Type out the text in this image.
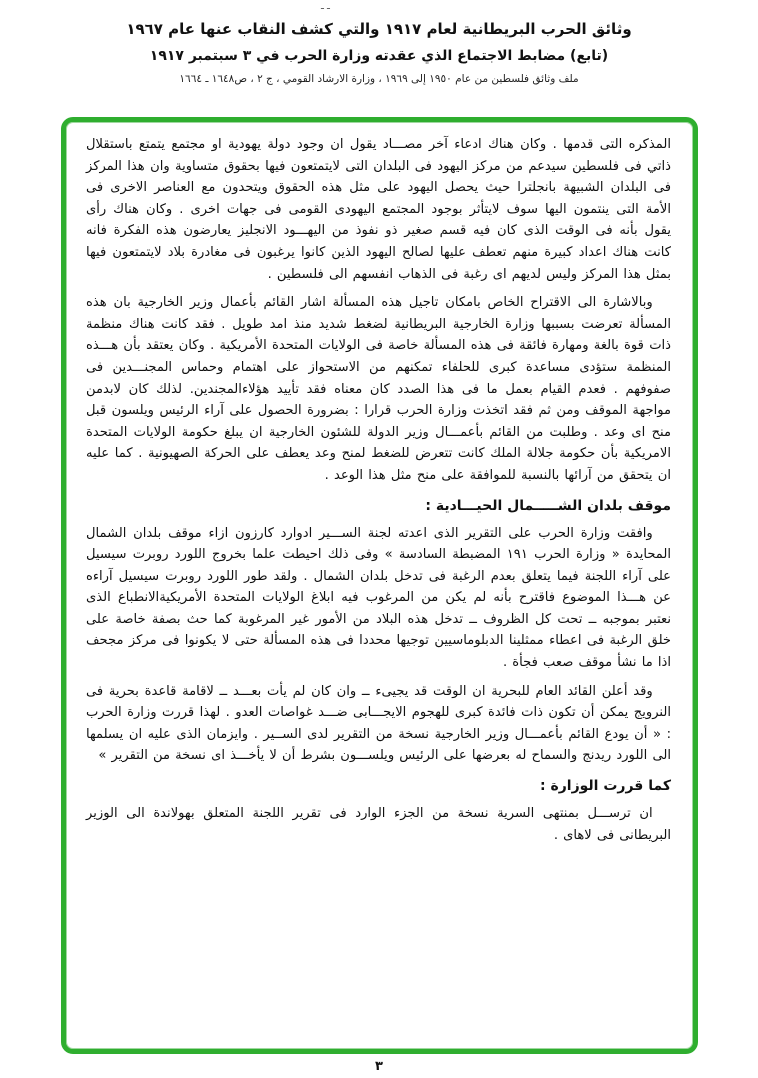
ـ ـ
وثائق الحرب البريطانية لعام ١٩١٧ والتي كشف النقاب عنها عام ١٩٦٧
(تابع) مضابط الاجتماع الذي عقدته وزارة الحرب في ٣ سبتمبر ١٩١٧
ملف وثائق فلسطين من عام ١٩٥٠ إلى ١٩٦٩ ، وزارة الارشاد القومي ، ج ٢ ، ص١٦٤٨ ـ ١٦٦٤

المذكره التى قدمها . وكان هناك ادعاء آخر مصـــاد يقول ان وجود دولة يهودية او مجتمع يتمتع باستقلال ذاتي فى فلسطين سيدعم من مركز اليهود فى البلدان التى لايتمتعون فيها بحقوق متساوية وان هذا المركز فى البلدان الشبيهة بانجلترا حيث يحصل اليهود على مثل هذه الحقوق ويتحدون مع العناصر الاخرى فى الأمة التى ينتمون اليها سوف لايتأثر بوجود المجتمع اليهودى القومى فى جهات اخرى . وكان هناك رأى يقول بأنه فى الوقت الذى كان فيه قسم صغير ذو نفوذ من اليهـــود الانجليز يعارضون هذه الفكرة فانه كانت هناك اعداد كبيرة منهم تعطف عليها لصالح اليهود الذين كانوا يرغبون فى مغادرة بلاد لايتمتعون فيها بمثل هذا المركز وليس لديهم اى رغبة فى الذهاب انفسهم الى فلسطين .

وبالاشارة الى الاقتراح الخاص بامكان تاجيل هذه المسألة اشار القائم بأعمال وزير الخارجية بان هذه المسألة تعرضت بسببها وزارة الخارجية البريطانية لضغط شديد منذ امد طويل . فقد كانت هناك منظمة ذات قوة بالغة ومهارة فائقة فى هذه المسألة خاصة فى الولايات المتحدة الأمريكية . وكان يعتقد بأن هـــذه المنظمة ستؤدى مساعدة كبرى للحلفاء تمكنهم من الاستحواز على اهتمام وحماس المجنـــدين فى صفوفهم . فعدم القيام بعمل ما فى هذا الصدد كان معناه فقد تأييد هؤلاءالمجندين. لذلك كان لابدمن مواجهة الموقف ومن ثم فقد اتخذت وزارة الحرب قرارا : بضرورة الحصول على آراء الرئيس ويلسون قبل منح اى وعد . وطلبت من القائم بأعمـــال وزير الدولة للشئون الخارجية ان يبلغ حكومة الولايات المتحدة الامريكية بأن حكومة جلالة الملك كانت تتعرض للضغط لمنح وعد يعطف على الحركة الصهيونية . كما عليه ان يتحقق من آرائها بالنسبة للموافقة على منح مثل هذا الوعد .

موقف بلدان الشـــــمال الحيـــادية :

وافقت وزارة الحرب على التقرير الذى اعدته لجنة الســـير ادوارد كارزون ازاء موقف بلدان الشمال المحايدة « وزارة الحرب ١٩١ المضبطة السادسة » وفى ذلك احيطت علما بخروج اللورد روبرت سيسيل على آراء اللجنة فيما يتعلق بعدم الرغبة فى تدخل بلدان الشمال . ولقد طور اللورد روبرت سيسيل آراءه عن هـــذا الموضوع فاقترح بأنه لم يكن من المرغوب فيه ابلاغ الولايات المتحدة الأمريكيةالانطباع الذى نعتبر بموجبه ــ تحت كل الظروف ــ تدخل هذه البلاد من الأمور غير المرغوبة كما حث بصفة خاصة على خلق الرغبة فى اعطاء ممثلينا الدبلوماسيين توجيها محددا فى هذه المسألة حتى لا يكونوا فى مركز مجحف اذا ما نشأ موقف صعب فجأة .

وقد أعلن القائد العام للبحرية ان الوقت قد يجيىء ــ وان كان لم يأت بعـــد ــ لاقامة قاعدة بحرية فى النرويج يمكن أن تكون ذات فائدة كبرى للهجوم الايجـــابى ضـــد غواصات العدو . لهذا قررت وزارة الحرب : « أن يودع القائم بأعمـــال وزير الخارجية نسخة من التقرير لدى الســير . وايزمان الذى عليه ان يسلمها الى اللورد ريدنج والسماح له بعرضها على الرئيس ويلســـون بشرط أن لا يأخـــذ اى نسخة من التقرير »

كما قررت الوزارة :

ان ترســـل بمنتهى السرية نسخة من الجزء الوارد فى تقرير اللجنة المتعلق بهولاندة الى الوزير البريطانى فى لاهاى .

٣
